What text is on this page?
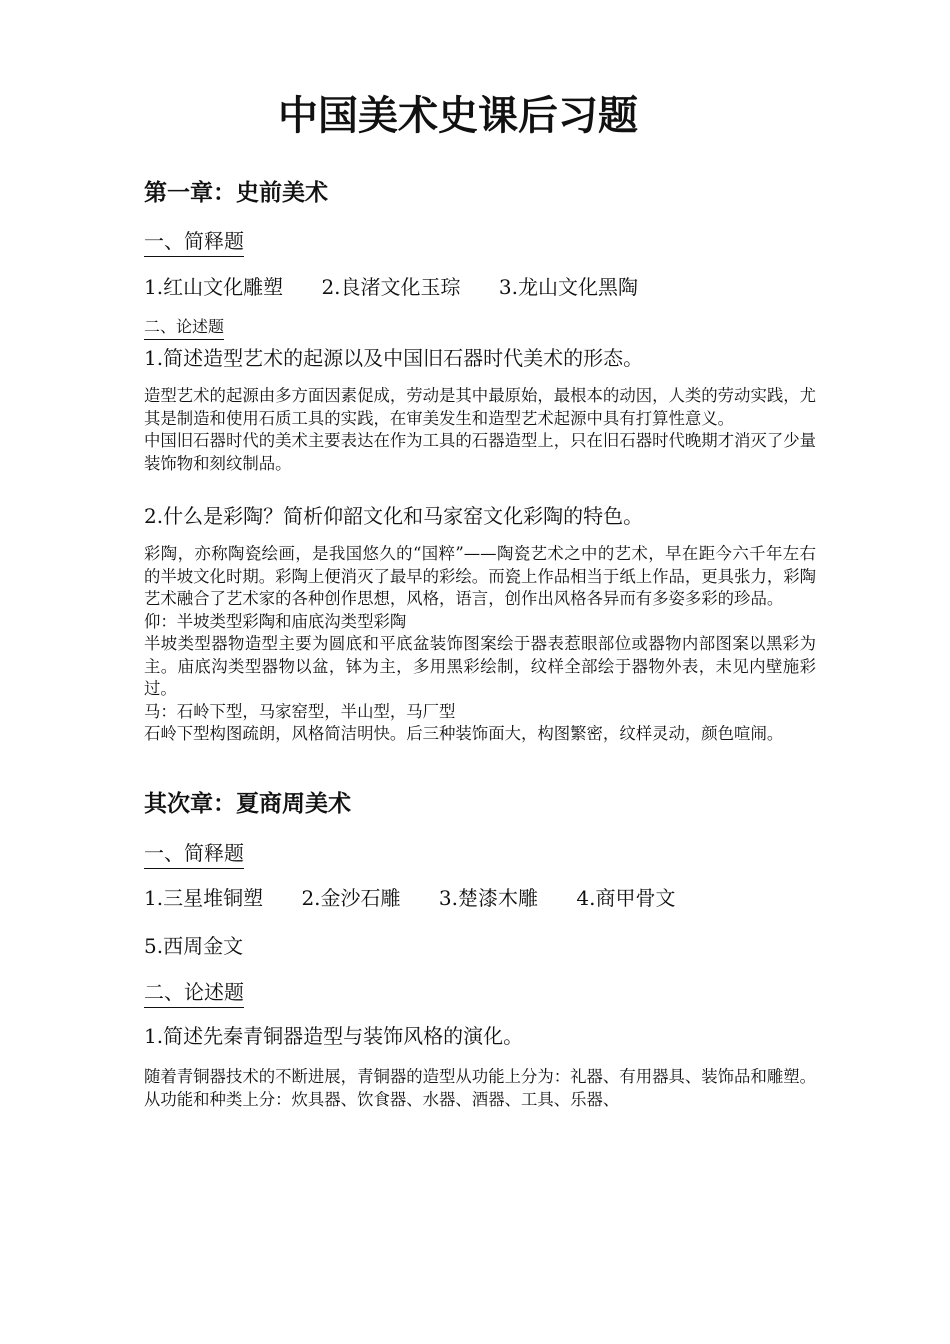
中国美术史课后习题
第一章：史前美术
一、简释题
1.红山文化雕塑 2.良渚文化玉琮 3.龙山文化黑陶
二、论述题
1.简述造型艺术的起源以及中国旧石器时代美术的形态。
造型艺术的起源由多方面因素促成，劳动是其中最原始，最根本的动因，人类的劳动实践，尤其是制造和使用石质工具的实践，在审美发生和造型艺术起源中具有打算性意义。
中国旧石器时代的美术主要表达在作为工具的石器造型上，只在旧石器时代晚期才消灭了少量装饰物和刻纹制品。
2.什么是彩陶？简析仰韶文化和马家窑文化彩陶的特色。
彩陶，亦称陶瓷绘画，是我国悠久的“国粹”——陶瓷艺术之中的艺术，早在距今六千年左右的半坡文化时期。彩陶上便消灭了最早的彩绘。而瓷上作品相当于纸上作品，更具张力，彩陶艺术融合了艺术家的各种创作思想，风格，语言，创作出风格各异而有多姿多彩的珍品。
仰：半坡类型彩陶和庙底沟类型彩陶
半坡类型器物造型主要为圆底和平底盆装饰图案绘于器表惹眼部位或器物内部图案以黑彩为主。庙底沟类型器物以盆，钵为主，多用黑彩绘制，纹样全部绘于器物外表，未见内壁施彩过。
马：石岭下型，马家窑型，半山型，马厂型
石岭下型构图疏朗，风格简洁明快。后三种装饰面大，构图繁密，纹样灵动，颜色喧闹。
其次章：夏商周美术
一、简释题
1.三星堆铜塑 2.金沙石雕 3.楚漆木雕 4.商甲骨文
5.西周金文
二、论述题
1.简述先秦青铜器造型与装饰风格的演化。
随着青铜器技术的不断进展，青铜器的造型从功能上分为：礼器、有用器具、装饰品和雕塑。从功能和种类上分：炊具器、饮食器、水器、酒器、工具、乐器、
